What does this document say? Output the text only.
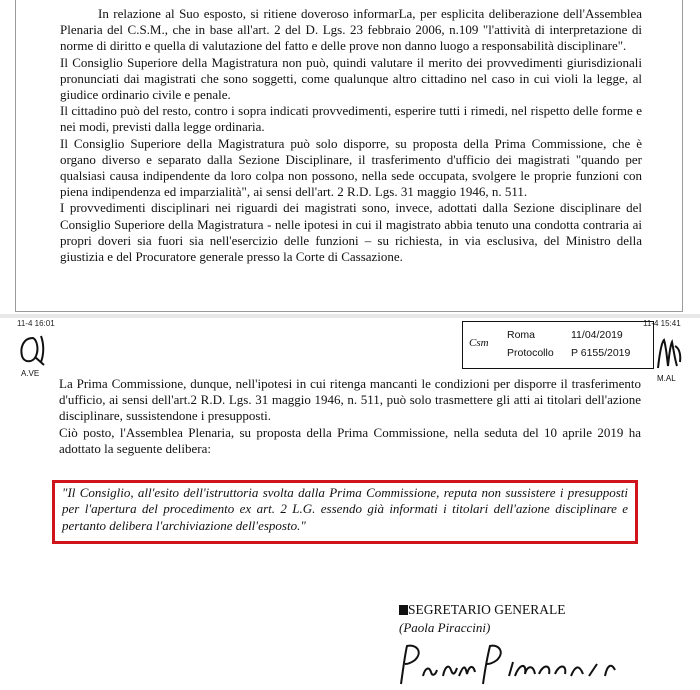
In relazione al Suo esposto, si ritiene doveroso informarLa, per esplicita deliberazione dell'Assemblea Plenaria del C.S.M., che in base all'art. 2 del D. Lgs. 23 febbraio 2006, n.109 "l'attività di interpretazione di norme di diritto e quella di valutazione del fatto e delle prove non danno luogo a responsabilità disciplinare".

Il Consiglio Superiore della Magistratura non può, quindi valutare il merito dei provvedimenti giurisdizionali pronunciati dai magistrati che sono soggetti, come qualunque altro cittadino nel caso in cui violi la legge, al giudice ordinario civile e penale.

Il cittadino può del resto, contro i sopra indicati provvedimenti, esperire tutti i rimedi, nel rispetto delle forme e nei modi, previsti dalla legge ordinaria.

Il Consiglio Superiore della Magistratura può solo disporre, su proposta della Prima Commissione, che è organo diverso e separato dalla Sezione Disciplinare, il trasferimento d'ufficio dei magistrati "quando per qualsiasi causa indipendente da loro colpa non possono, nella sede occupata, svolgere le proprie funzioni con piena indipendenza ed imparzialità", ai sensi dell'art. 2 R.D. Lgs. 31 maggio 1946, n. 511.

I provvedimenti disciplinari nei riguardi dei magistrati sono, invece, adottati dalla Sezione disciplinare del Consiglio Superiore della Magistratura - nelle ipotesi in cui il magistrato abbia tenuto una condotta contraria ai propri doveri sia fuori sia nell'esercizio delle funzioni – su richiesta, in via esclusiva, del Ministro della giustizia e del Procuratore generale presso la Corte di Cassazione.

11-4 16:01	11-4 15:41
A.VE
Csm
Roma	11/04/2019
Protocollo P 6155/2019
M.AL

La Prima Commissione, dunque, nell'ipotesi in cui ritenga mancanti le condizioni per disporre il trasferimento d'ufficio, ai sensi dell'art.2 R.D. Lgs. 31 maggio 1946, n. 511, può solo trasmettere gli atti ai titolari dell'azione disciplinare, sussistendone i presupposti.

Ciò posto, l'Assemblea Plenaria, su proposta della Prima Commissione, nella seduta del 10 aprile 2019 ha adottato la seguente delibera:

"Il Consiglio, all'esito dell'istruttoria svolta dalla Prima Commissione, reputa non sussistere i presupposti per l'apertura del procedimento ex art. 2 L.G. essendo già informati i titolari dell'azione disciplinare e pertanto delibera l'archiviazione dell'esposto."

SEGRETARIO GENERALE
(Paola Piraccini)
